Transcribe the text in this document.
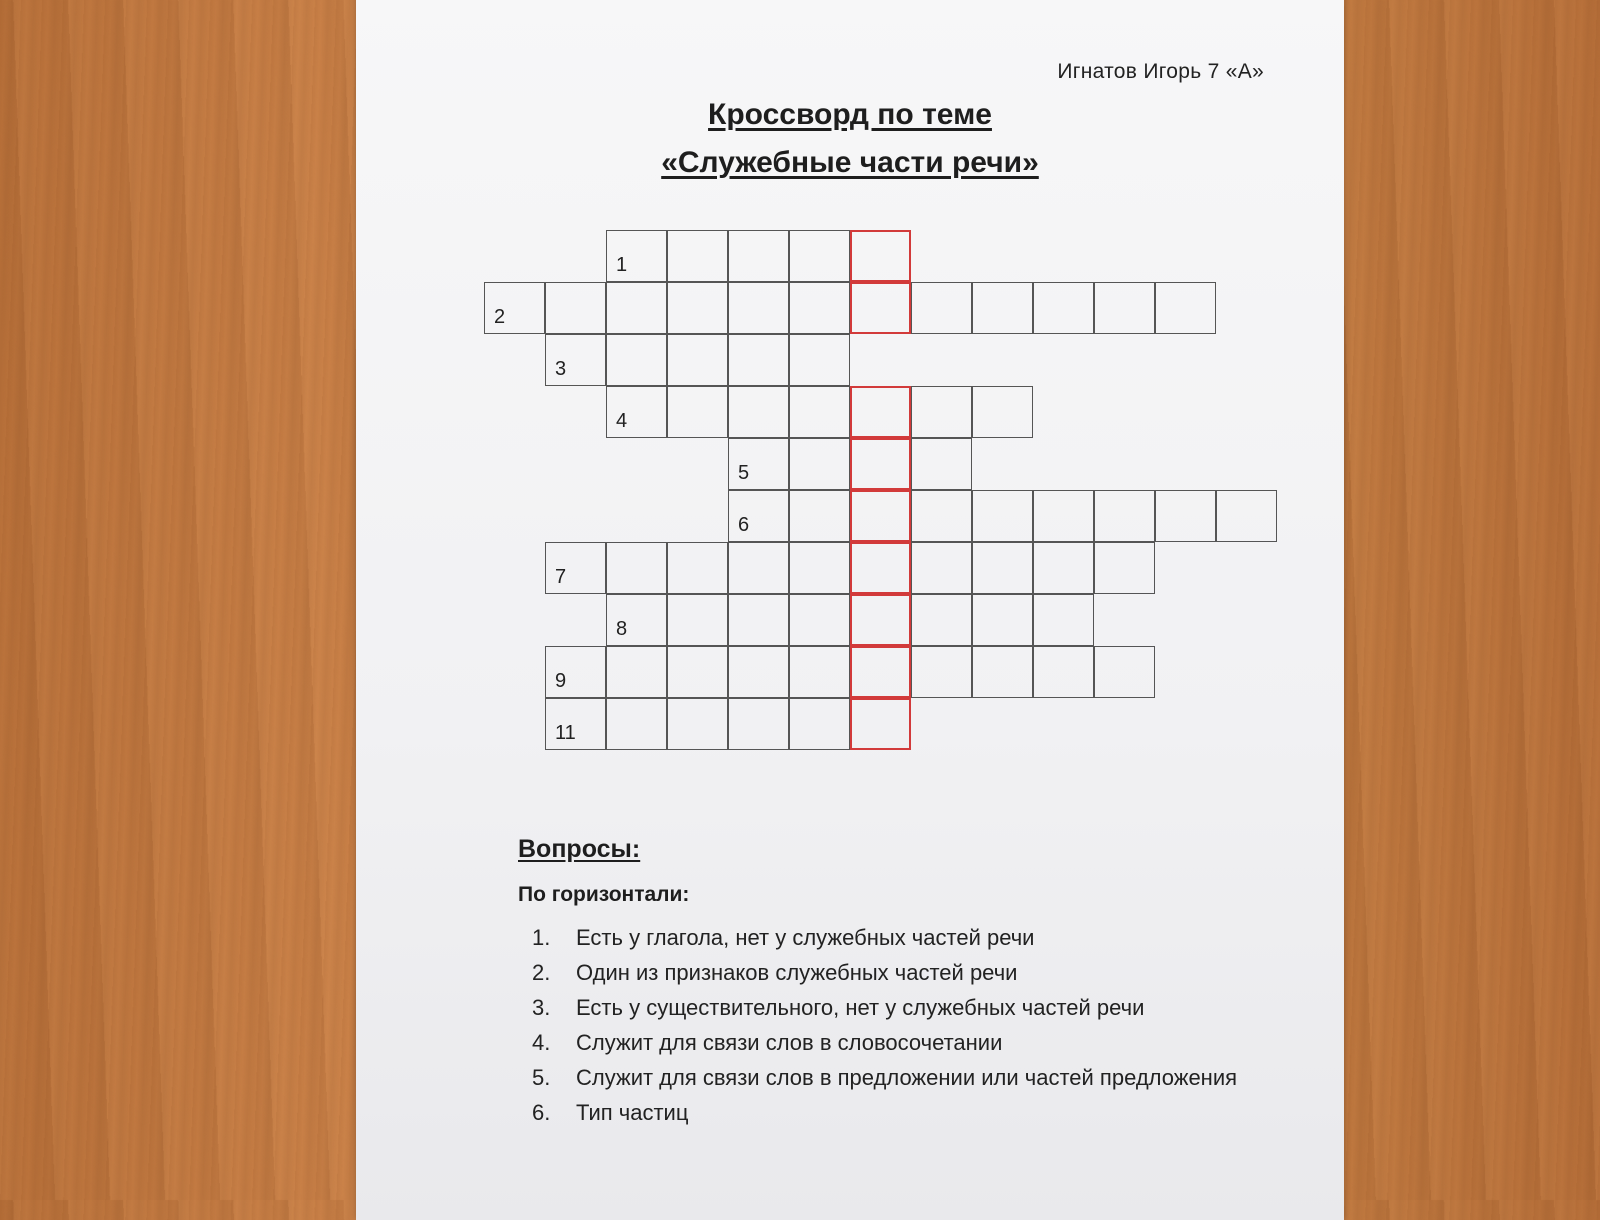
Игнатов Игорь 7 «А»
Кроссворд по теме
«Служебные части речи»
1
2
3
4
5
6
7
8
9
11
Вопросы:
По горизонтали:
1.	Есть у глагола, нет у служебных частей речи
2.	Один из признаков служебных частей речи
3.	Есть у существительного, нет у служебных частей речи
4.	Служит для связи слов в словосочетании
5.	Служит для связи слов в предложении или частей предложения
6.	Тип частиц
